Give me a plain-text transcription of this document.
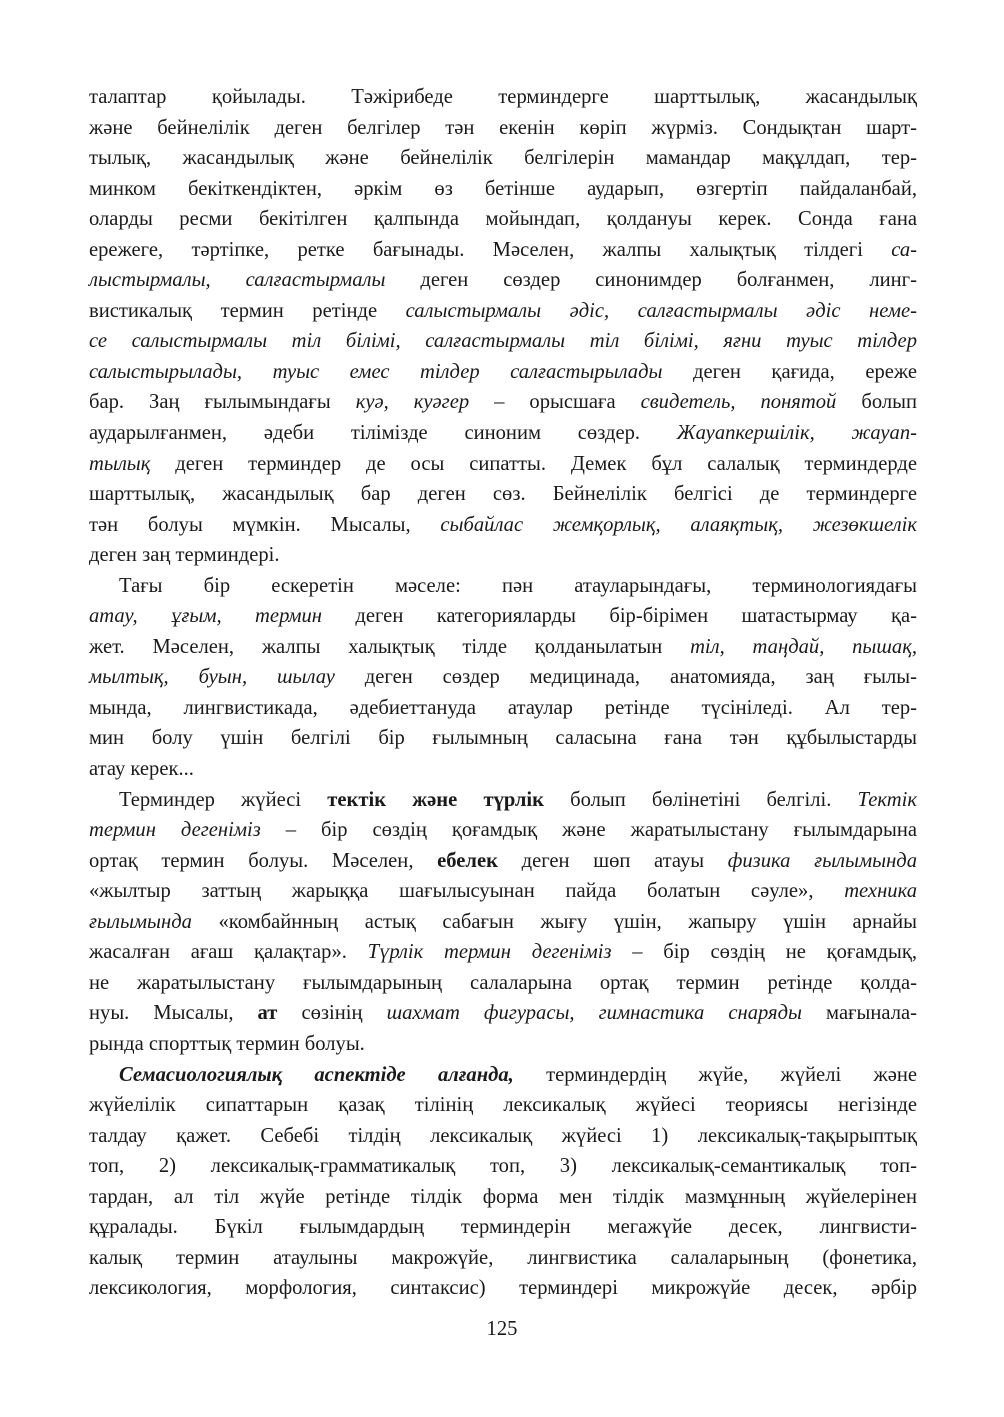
талаптар қойылады. Тәжірибеде терминдерге шарттылық, жасандылық
және бейнелілік деген белгілер тән екенін көріп жүрміз. Сондықтан шарт-
тылық, жасандылық және бейнелілік белгілерін мамандар мақұлдап, тер-
минком бекіткендіктен, әркім өз бетінше аударып, өзгертіп пайдаланбай,
оларды ресми бекітілген қалпында мойындап, қолдануы керек. Сонда ғана
ережеге, тәртіпке, ретке бағынады. Мәселен, жалпы халықтық тілдегі са-
лыстырмалы, салғастырмалы деген сөздер синонимдер болғанмен, линг-
вистикалық термин ретінде салыстырмалы әдіс, салғастырмалы әдіс неме-
се салыстырмалы тіл білімі, салғастырмалы тіл білімі, яғни туыс тілдер
салыстырылады, туыс емес тілдер салғастырылады деген қағида, ереже
бар. Заң ғылымындағы куә, куәгер – орысшаға свидетель, понятой болып
аударылғанмен, әдеби тілімізде синоним сөздер. Жауапкершілік, жауап-
тылық деген терминдер де осы сипатты. Демек бұл салалық терминдерде
шарттылық, жасандылық бар деген сөз. Бейнелілік белгісі де терминдерге
тән болуы мүмкін. Мысалы, сыбайлас жемқорлық, алаяқтық, жезөкшелік
деген заң терминдері.

Тағы бір ескеретін мәселе: пән атауларындағы, терминологиядағы
атау, ұғым, термин деген категорияларды бір-бірімен шатастырмау қа-
жет. Мәселен, жалпы халықтық тілде қолданылатын тіл, таңдай, пышақ,
мылтық, буын, шылау деген сөздер медицинада, анатомияда, заң ғылы-
мында, лингвистикада, әдебиеттануда атаулар ретінде түсініледі. Ал тер-
мин болу үшін белгілі бір ғылымның саласына ғана тән құбылыстарды
атау керек...

Терминдер жүйесі тектік және түрлік болып бөлінетіні белгілі. Тектік
термин дегеніміз – бір сөздің қоғамдық және жаратылыстану ғылымдарына
ортақ термин болуы. Мәселен, ебелек деген шөп атауы физика ғылымында
«жылтыр заттың жарыққа шағылысуынан пайда болатын сәуле», техника
ғылымында «комбайнның астық сабағын жығу үшін, жапыру үшін арнайы
жасалған ағаш қалақтар». Түрлік термин дегеніміз – бір сөздің не қоғамдық,
не жаратылыстану ғылымдарының салаларына ортақ термин ретінде қолда-
нуы. Мысалы, ат сөзінің шахмат фигурасы, гимнастика снаряды мағынала-
рында спорттық термин болуы.

Семасиологиялық аспектіде алғанда, терминдердің жүйе, жүйелі және
жүйелілік сипаттарын қазақ тілінің лексикалық жүйесі теориясы негізінде
талдау қажет. Себебі тілдің лексикалық жүйесі 1) лексикалық-тақырыптық
топ, 2) лексикалық-грамматикалық топ, 3) лексикалық-семантикалық топ-
тардан, ал тіл жүйе ретінде тілдік форма мен тілдік мазмұнның жүйелерінен
құралады. Бүкіл ғылымдардың терминдерін мегажүйе десек, лингвисти-
калық термин атаулыны макрожүйе, лингвистика салаларының (фонетика,
лексикология, морфология, синтаксис) терминдері микрожүйе десек, әрбір

125
